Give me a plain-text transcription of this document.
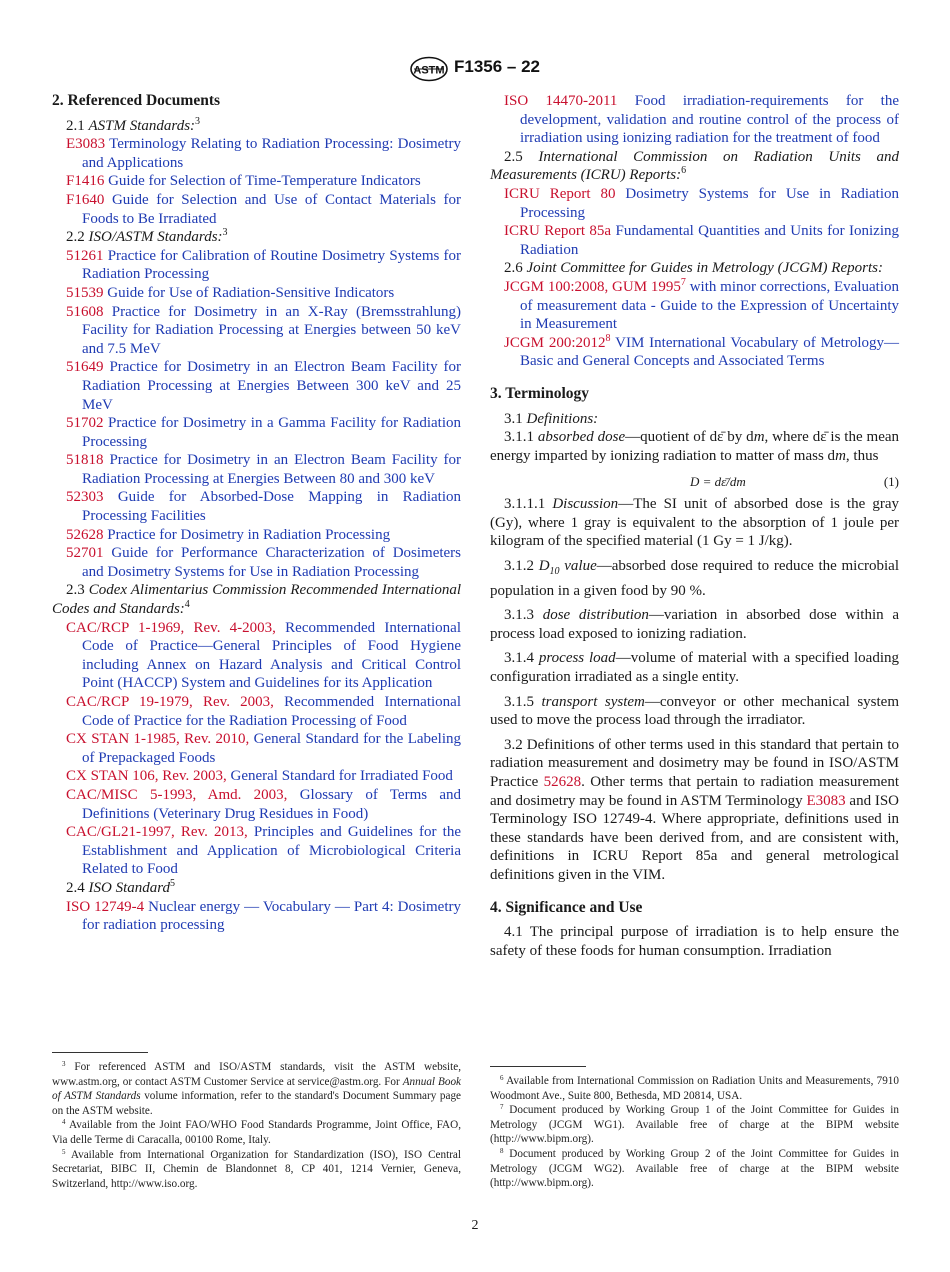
ASTM F1356 – 22
2. Referenced Documents
2.1 ASTM Standards:$^3$
E3083 Terminology Relating to Radiation Processing: Dosimetry and Applications
F1416 Guide for Selection of Time-Temperature Indicators
F1640 Guide for Selection and Use of Contact Materials for Foods to Be Irradiated
2.2 ISO/ASTM Standards:$^3$
51261 Practice for Calibration of Routine Dosimetry Systems for Radiation Processing
51539 Guide for Use of Radiation-Sensitive Indicators
51608 Practice for Dosimetry in an X-Ray (Bremsstrahlung) Facility for Radiation Processing at Energies between 50 keV and 7.5 MeV
51649 Practice for Dosimetry in an Electron Beam Facility for Radiation Processing at Energies Between 300 keV and 25 MeV
51702 Practice for Dosimetry in a Gamma Facility for Radiation Processing
51818 Practice for Dosimetry in an Electron Beam Facility for Radiation Processing at Energies Between 80 and 300 keV
52303 Guide for Absorbed-Dose Mapping in Radiation Processing Facilities
52628 Practice for Dosimetry in Radiation Processing
52701 Guide for Performance Characterization of Dosimeters and Dosimetry Systems for Use in Radiation Processing
2.3 Codex Alimentarius Commission Recommended International Codes and Standards:$^4$
CAC/RCP 1-1969, Rev. 4-2003, Recommended International Code of Practice—General Principles of Food Hygiene including Annex on Hazard Analysis and Critical Control Point (HACCP) System and Guidelines for its Application
CAC/RCP 19-1979, Rev. 2003, Recommended International Code of Practice for the Radiation Processing of Food
CX STAN 1-1985, Rev. 2010, General Standard for the Labeling of Prepackaged Foods
CX STAN 106, Rev. 2003, General Standard for Irradiated Food
CAC/MISC 5-1993, Amd. 2003, Glossary of Terms and Definitions (Veterinary Drug Residues in Food)
CAC/GL21-1997, Rev. 2013, Principles and Guidelines for the Establishment and Application of Microbiological Criteria Related to Food
2.4 ISO Standard$^5$
ISO 12749-4 Nuclear energy — Vocabulary — Part 4: Dosimetry for radiation processing
ISO 14470-2011 Food irradiation-requirements for the development, validation and routine control of the process of irradiation using ionizing radiation for the treatment of food
2.5 International Commission on Radiation Units and Measurements (ICRU) Reports:$^6$
ICRU Report 80 Dosimetry Systems for Use in Radiation Processing
ICRU Report 85a Fundamental Quantities and Units for Ionizing Radiation
2.6 Joint Committee for Guides in Metrology (JCGM) Reports:
JCGM 100:2008, GUM 1995$^7$ with minor corrections, Evaluation of measurement data - Guide to the Expression of Uncertainty in Measurement
JCGM 200:2012$^8$ VIM International Vocabulary of Metrology—Basic and General Concepts and Associated Terms
3. Terminology
3.1 Definitions:

3.1.1 absorbed dose—quotient of dε̄ by dm, where dε̄ is the mean energy imparted by ionizing radiation to matter of mass dm, thus

D = dε̄/dm	(1)

3.1.1.1 Discussion—The SI unit of absorbed dose is the gray (Gy), where 1 gray is equivalent to the absorption of 1 joule per kilogram of the specified material (1 Gy = 1 J/kg).

3.1.2 $D_{10}$ value—absorbed dose required to reduce the microbial population in a given food by 90 %.

3.1.3 dose distribution—variation in absorbed dose within a process load exposed to ionizing radiation.

3.1.4 process load—volume of material with a specified loading configuration irradiated as a single entity.

3.1.5 transport system—conveyor or other mechanical system used to move the process load through the irradiator.

3.2 Definitions of other terms used in this standard that pertain to radiation measurement and dosimetry may be found in ISO/ASTM Practice 52628. Other terms that pertain to radiation measurement and dosimetry may be found in ASTM Terminology E3083 and ISO Terminology ISO 12749-4. Where appropriate, definitions used in these standards have been derived from, and are consistent with, definitions in ICRU Report 85a and general metrological definitions given in the VIM.

4. Significance and Use

4.1 The principal purpose of irradiation is to help ensure the safety of these foods for human consumption. Irradiation

$^3$ For referenced ASTM and ISO/ASTM standards, visit the ASTM website, www.astm.org, or contact ASTM Customer Service at service@astm.org. For Annual Book of ASTM Standards volume information, refer to the standard's Document Summary page on the ASTM website.

$^4$ Available from the Joint FAO/WHO Food Standards Programme, Joint Office, FAO, Via delle Terme di Caracalla, 00100 Rome, Italy.

$^5$ Available from International Organization for Standardization (ISO), ISO Central Secretariat, BIBC II, Chemin de Blandonnet 8, CP 401, 1214 Vernier, Geneva, Switzerland, http://www.iso.org.

$^6$ Available from International Commission on Radiation Units and Measurements, 7910 Woodmont Ave., Suite 800, Bethesda, MD 20814, USA.

$^7$ Document produced by Working Group 1 of the Joint Committee for Guides in Metrology (JCGM WG1). Available free of charge at the BIPM website (http://www.bipm.org).

$^8$ Document produced by Working Group 2 of the Joint Committee for Guides in Metrology (JCGM WG2). Available free of charge at the BIPM website (http://www.bipm.org).

2
